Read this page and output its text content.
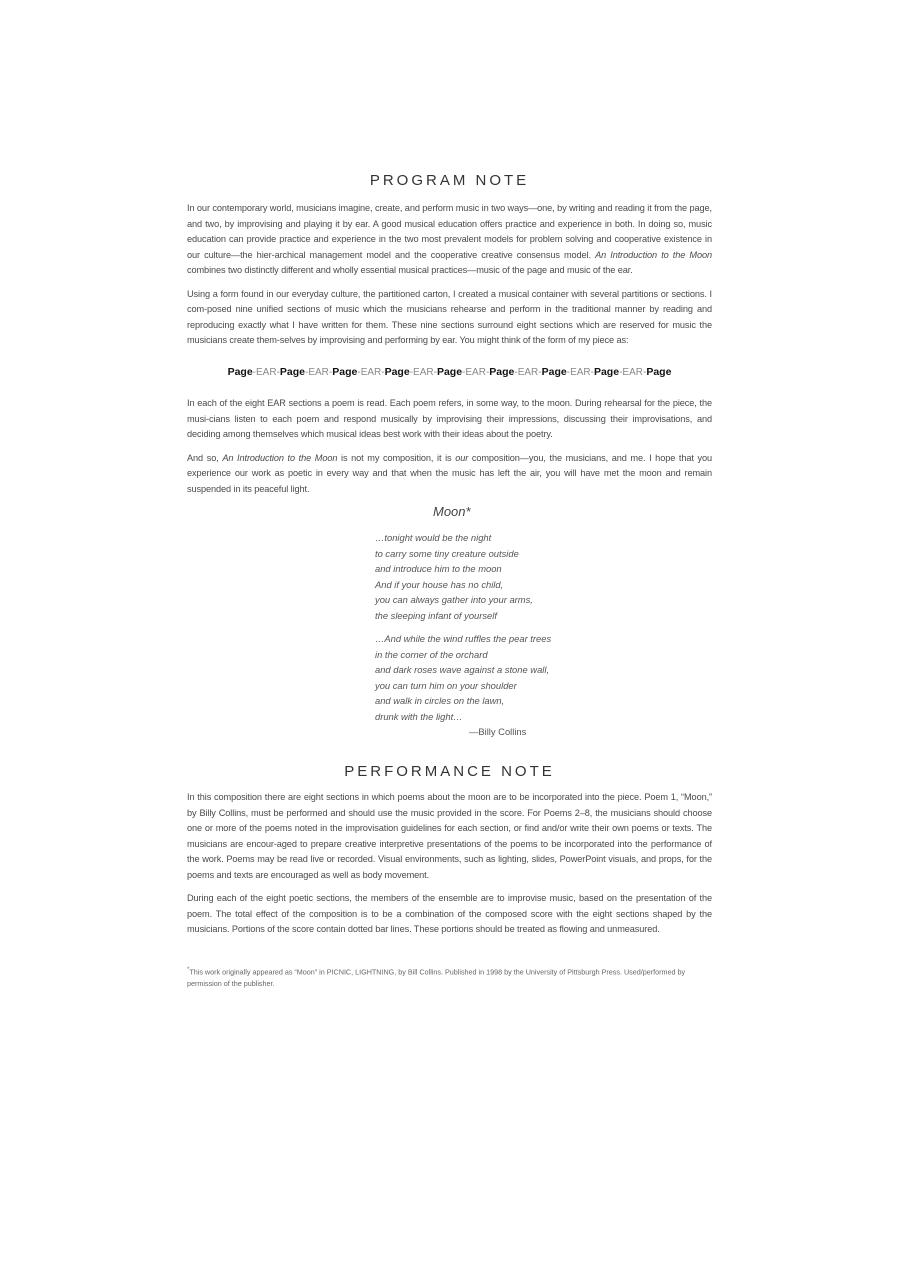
PROGRAM NOTE

In our contemporary world, musicians imagine, create, and perform music in two ways—one, by writing and reading it from the page, and two, by improvising and playing it by ear. A good musical education offers practice and experience in both. In doing so, music education can provide practice and experience in the two most prevalent models for problem solving and cooperative existence in our culture—the hier-archical management model and the cooperative creative consensus model. An Introduction to the Moon combines two distinctly different and wholly essential musical practices—music of the page and music of the ear.

Using a form found in our everyday culture, the partitioned carton, I created a musical container with several partitions or sections. I com-posed nine unified sections of music which the musicians rehearse and perform in the traditional manner by reading and reproducing exactly what I have written for them. These nine sections surround eight sections which are reserved for music the musicians create them-selves by improvising and performing by ear. You might think of the form of my piece as:

Page-EAR-Page-EAR-Page-EAR-Page-EAR-Page-EAR-Page-EAR-Page-EAR-Page-EAR-Page

In each of the eight EAR sections a poem is read. Each poem refers, in some way, to the moon. During rehearsal for the piece, the musi-cians listen to each poem and respond musically by improvising their impressions, discussing their improvisations, and deciding among themselves which musical ideas best work with their ideas about the poetry.

And so, An Introduction to the Moon is not my composition, it is our composition—you, the musicians, and me. I hope that you experience our work as poetic in every way and that when the music has left the air, you will have met the moon and remain suspended in its peaceful light.

Moon*
…tonight would be the night
to carry some tiny creature outside
and introduce him to the moon
And if your house has no child,
you can always gather into your arms,
the sleeping infant of yourself
…And while the wind ruffles the pear trees
in the corner of the orchard
and dark roses wave against a stone wall,
you can turn him on your shoulder
and walk in circles on the lawn,
drunk with the light…
—Billy Collins
PERFORMANCE NOTE

In this composition there are eight sections in which poems about the moon are to be incorporated into the piece. Poem 1, “Moon,” by Billy Collins, must be performed and should use the music provided in the score. For Poems 2–8, the musicians should choose one or more of the poems noted in the improvisation guidelines for each section, or find and/or write their own poems or texts. The musicians are encour-aged to prepare creative interpretive presentations of the poems to be incorporated into the performance of the work. Poems may be read live or recorded. Visual environments, such as lighting, slides, PowerPoint visuals, and props, for the poems and texts are encouraged as well as body movement.

During each of the eight poetic sections, the members of the ensemble are to improvise music, based on the presentation of the poem. The total effect of the composition is to be a combination of the composed score with the eight sections shaped by the musicians. Portions of the score contain dotted bar lines. These portions should be treated as flowing and unmeasured.

*This work originally appeared as “Moon” in PICNIC, LIGHTNING, by Bill Collins. Published in 1998 by the University of Pittsburgh Press. Used/performed by permission of the publisher.
